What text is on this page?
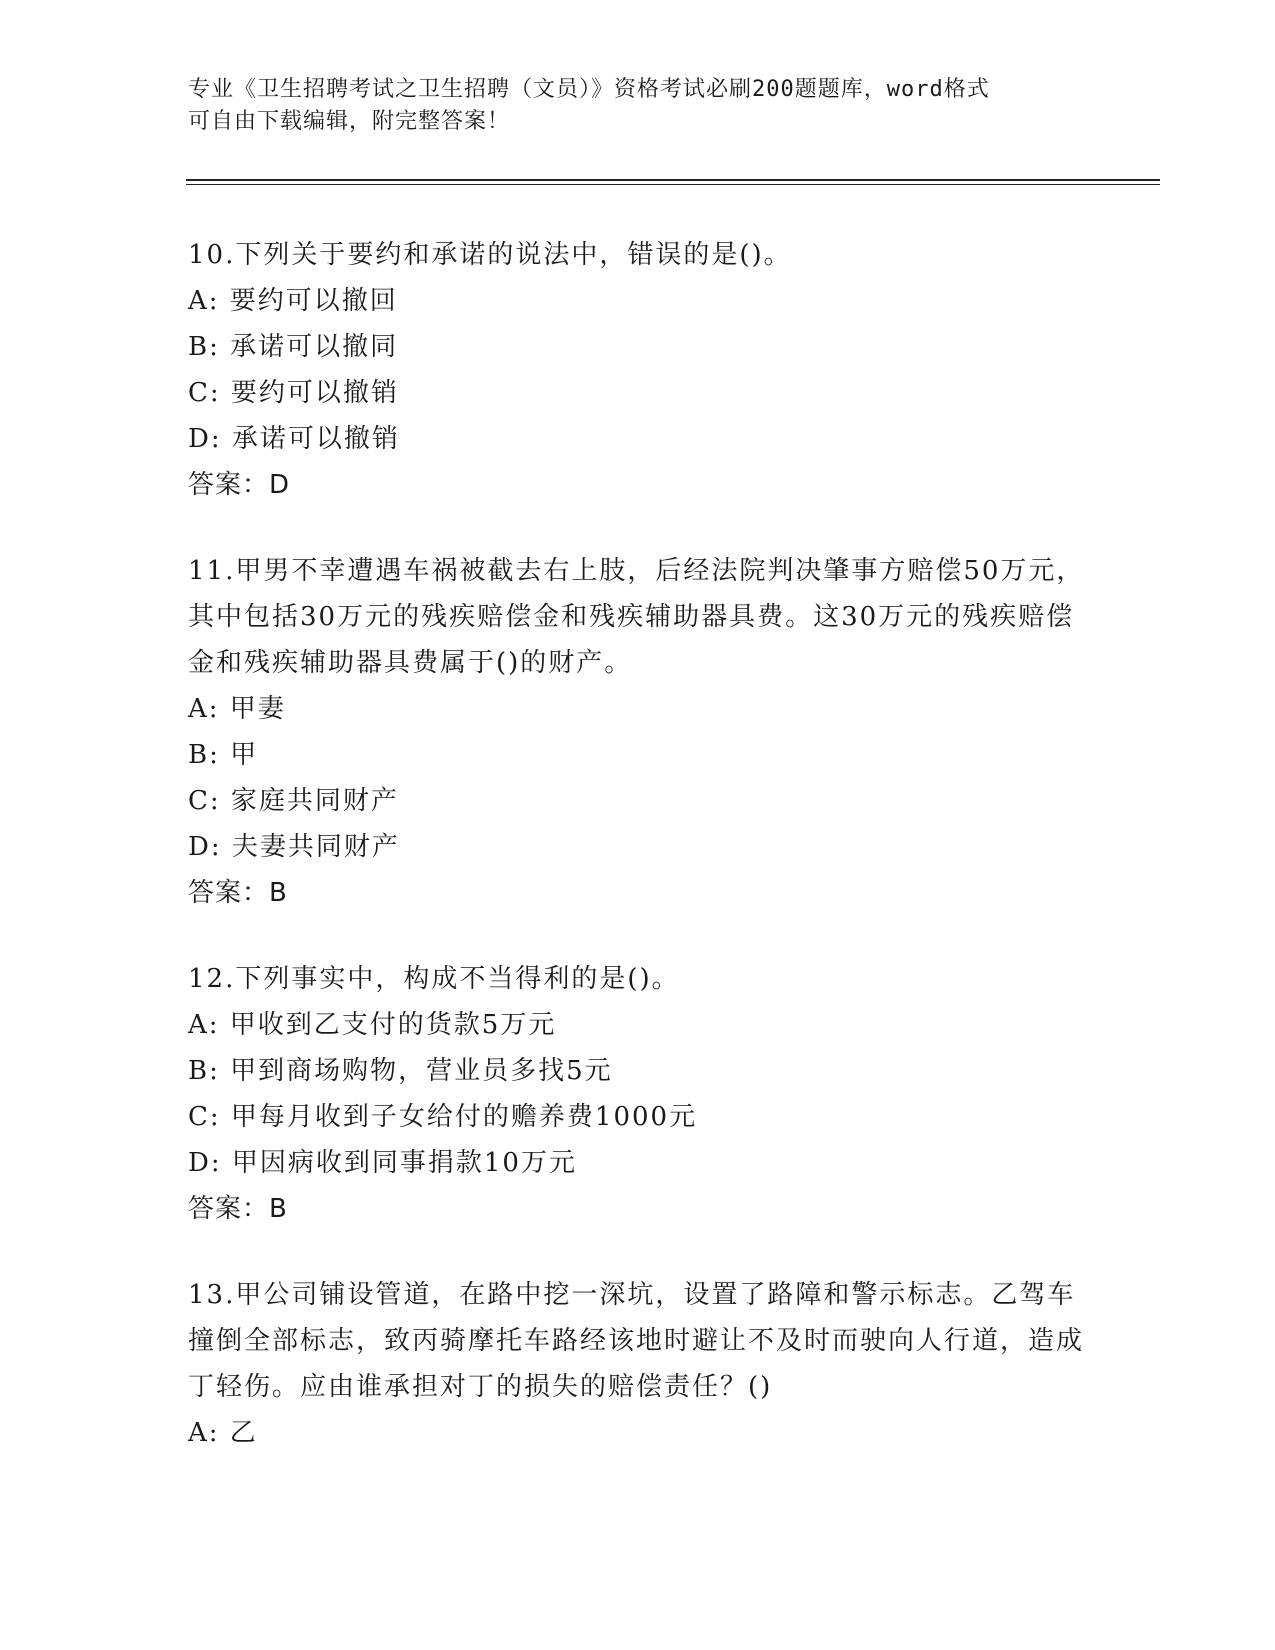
专业《卫生招聘考试之卫生招聘（文员）》资格考试必刷200题题库，word格式
可自由下载编辑，附完整答案！

10.下列关于要约和承诺的说法中，错误的是()。

A: 要约可以撤回
B: 承诺可以撤同
C: 要约可以撤销
D: 承诺可以撤销
答案：D

11.甲男不幸遭遇车祸被截去右上肢，后经法院判决肇事方赔偿50万元，其中包括30万元的残疾赔偿金和残疾辅助器具费。这30万元的残疾赔偿金和残疾辅助器具费属于()的财产。

A: 甲妻
B: 甲
C: 家庭共同财产
D: 夫妻共同财产
答案：B

12.下列事实中，构成不当得利的是()。

A: 甲收到乙支付的货款5万元
B: 甲到商场购物，营业员多找5元
C: 甲每月收到子女给付的赡养费1000元
D: 甲因病收到同事捐款10万元
答案：B

13.甲公司铺设管道，在路中挖一深坑，设置了路障和警示标志。乙驾车撞倒全部标志，致丙骑摩托车路经该地时避让不及时而驶向人行道，造成丁轻伤。应由谁承担对丁的损失的赔偿责任？()

A: 乙
